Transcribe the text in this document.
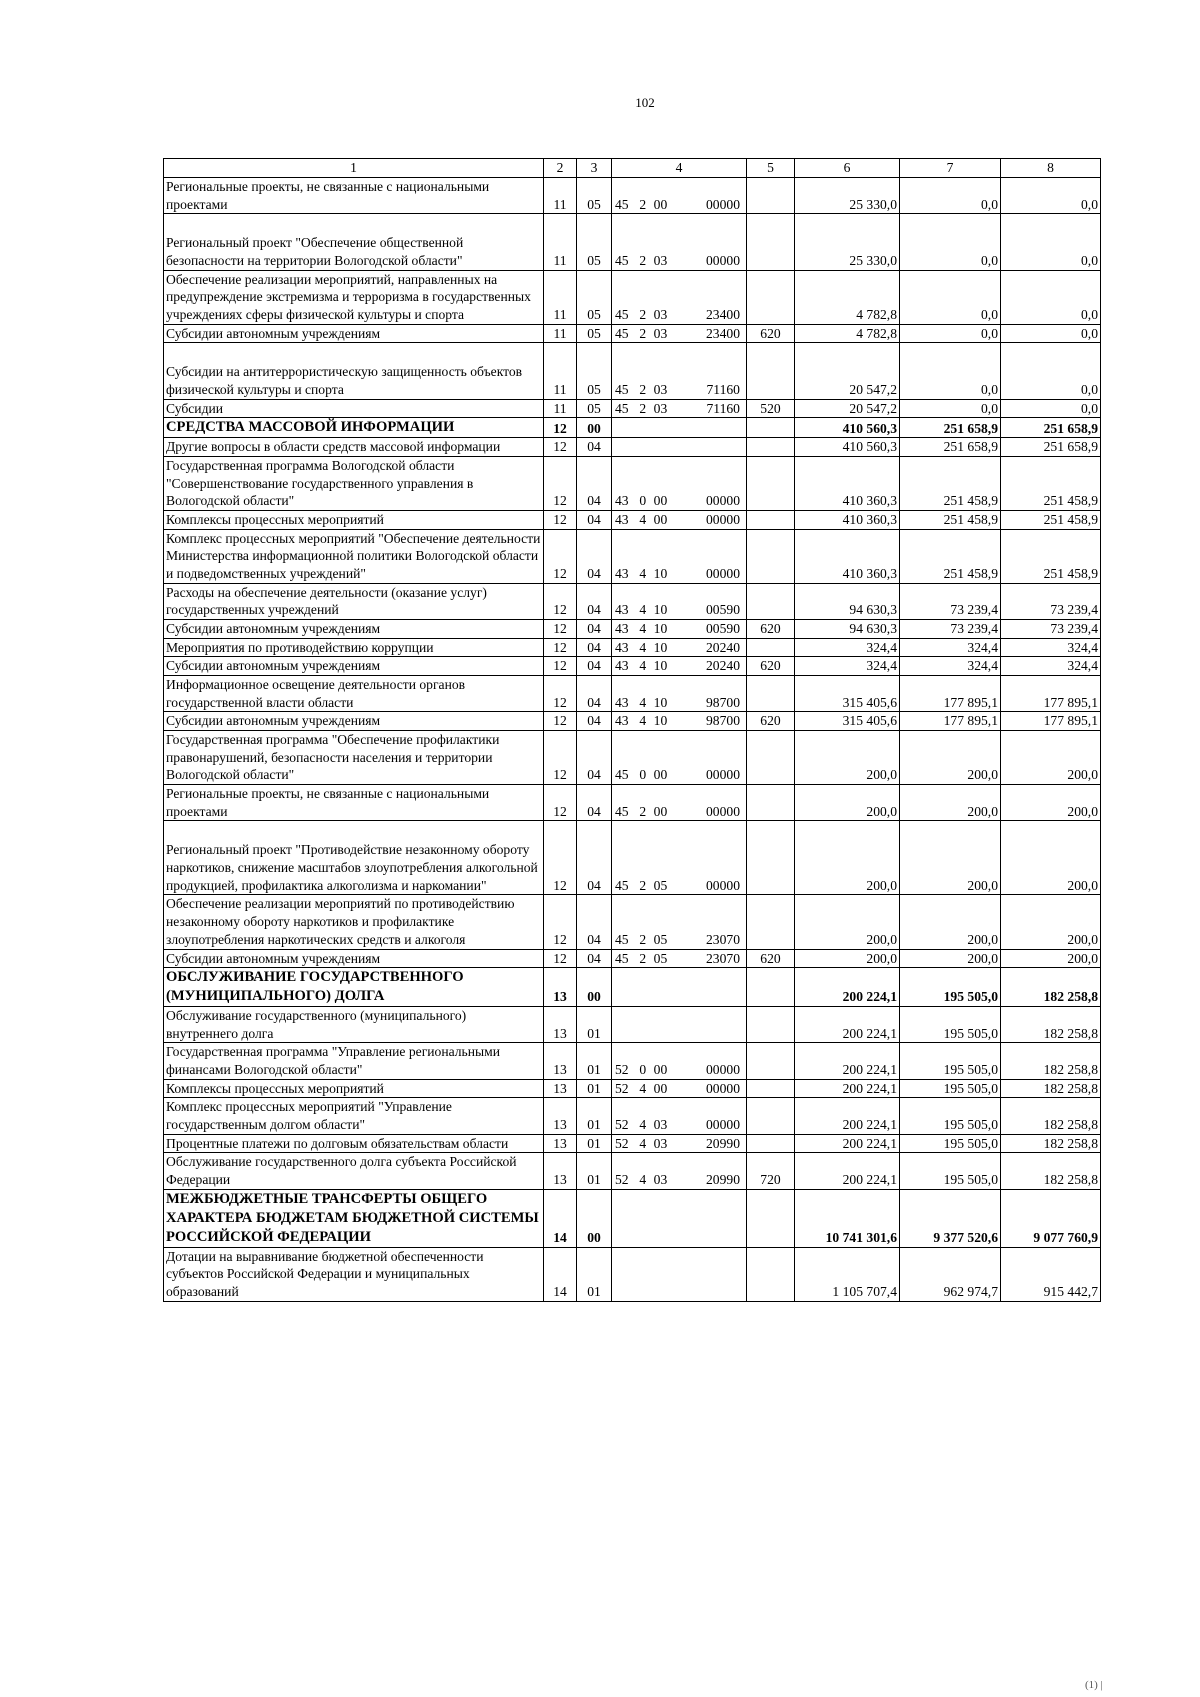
102
1	2	3	4	5	6	7	8
Региональные проекты, не связанные с национальными проектами	11	05	45 2 00 00000		25 330,0	0,0	0,0

Региональный проект "Обеспечение общественной безопасности на территории Вологодской области"	11	05	45 2 03 00000		25 330,0	0,0	0,0
Обеспечение реализации мероприятий, направленных на предупреждение экстремизма и терроризма в государственных учреждениях сферы физической культуры и спорта	11	05	45 2 03 23400		4 782,8	0,0	0,0
Субсидии автономным учреждениям	11	05	45 2 03 23400	620	4 782,8	0,0	0,0

Субсидии на антитеррористическую защищенность объектов физической культуры и спорта	11	05	45 2 03 71160		20 547,2	0,0	0,0
Субсидии	11	05	45 2 03 71160	520	20 547,2	0,0	0,0
СРЕДСТВА МАССОВОЙ ИНФОРМАЦИИ	12	00			410 560,3	251 658,9	251 658,9
Другие вопросы в области средств массовой информации	12	04			410 560,3	251 658,9	251 658,9
Государственная программа Вологодской области "Совершенствование государственного управления в Вологодской области"	12	04	43 0 00 00000		410 360,3	251 458,9	251 458,9
Комплексы процессных мероприятий	12	04	43 4 00 00000		410 360,3	251 458,9	251 458,9
Комплекс процессных мероприятий "Обеспечение деятельности Министерства информационной политики Вологодской области и подведомственных учреждений"	12	04	43 4 10 00000		410 360,3	251 458,9	251 458,9
Расходы на обеспечение деятельности (оказание услуг) государственных учреждений	12	04	43 4 10 00590		94 630,3	73 239,4	73 239,4
Субсидии автономным учреждениям	12	04	43 4 10 00590	620	94 630,3	73 239,4	73 239,4
Мероприятия по противодействию коррупции	12	04	43 4 10 20240		324,4	324,4	324,4
Субсидии автономным учреждениям	12	04	43 4 10 20240	620	324,4	324,4	324,4
Информационное освещение деятельности органов государственной власти области	12	04	43 4 10 98700		315 405,6	177 895,1	177 895,1
Субсидии автономным учреждениям	12	04	43 4 10 98700	620	315 405,6	177 895,1	177 895,1
Государственная программа "Обеспечение профилактики правонарушений, безопасности населения и территории Вологодской области"	12	04	45 0 00 00000		200,0	200,0	200,0
Региональные проекты, не связанные с национальными проектами	12	04	45 2 00 00000		200,0	200,0	200,0

Региональный проект "Противодействие незаконному обороту наркотиков, снижение масштабов злоупотребления алкогольной продукцией, профилактика алкоголизма и наркомании"	12	04	45 2 05 00000		200,0	200,0	200,0
Обеспечение реализации мероприятий по противодействию незаконному обороту наркотиков и профилактике злоупотребления наркотических средств и алкоголя	12	04	45 2 05 23070		200,0	200,0	200,0
Субсидии автономным учреждениям	12	04	45 2 05 23070	620	200,0	200,0	200,0
ОБСЛУЖИВАНИЕ ГОСУДАРСТВЕННОГО (МУНИЦИПАЛЬНОГО) ДОЛГА	13	00			200 224,1	195 505,0	182 258,8
Обслуживание государственного (муниципального) внутреннего долга	13	01			200 224,1	195 505,0	182 258,8
Государственная программа "Управление региональными финансами Вологодской области"	13	01	52 0 00 00000		200 224,1	195 505,0	182 258,8
Комплексы процессных мероприятий	13	01	52 4 00 00000		200 224,1	195 505,0	182 258,8
Комплекс процессных мероприятий "Управление государственным долгом области"	13	01	52 4 03 00000		200 224,1	195 505,0	182 258,8
Процентные платежи по долговым обязательствам области	13	01	52 4 03 20990		200 224,1	195 505,0	182 258,8
Обслуживание государственного долга субъекта Российской Федерации	13	01	52 4 03 20990	720	200 224,1	195 505,0	182 258,8
МЕЖБЮДЖЕТНЫЕ ТРАНСФЕРТЫ ОБЩЕГО ХАРАКТЕРА БЮДЖЕТАМ БЮДЖЕТНОЙ СИСТЕМЫ РОССИЙСКОЙ ФЕДЕРАЦИИ	14	00			10 741 301,6	9 377 520,6	9 077 760,9
Дотации на выравнивание бюджетной обеспеченности субъектов Российской Федерации и муниципальных образований	14	01			1 105 707,4	962 974,7	915 442,7
(1) |
